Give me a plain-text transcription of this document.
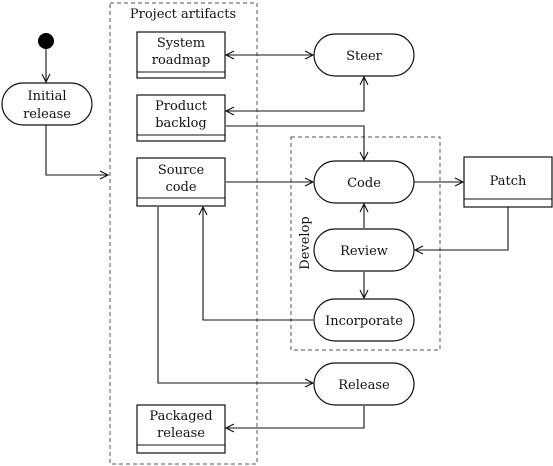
Project artifacts
Develop
Initial
release
System
roadmap
Product
backlog
Source
code
Packaged
release
Patch
Steer
Code
Review
Incorporate
Release
